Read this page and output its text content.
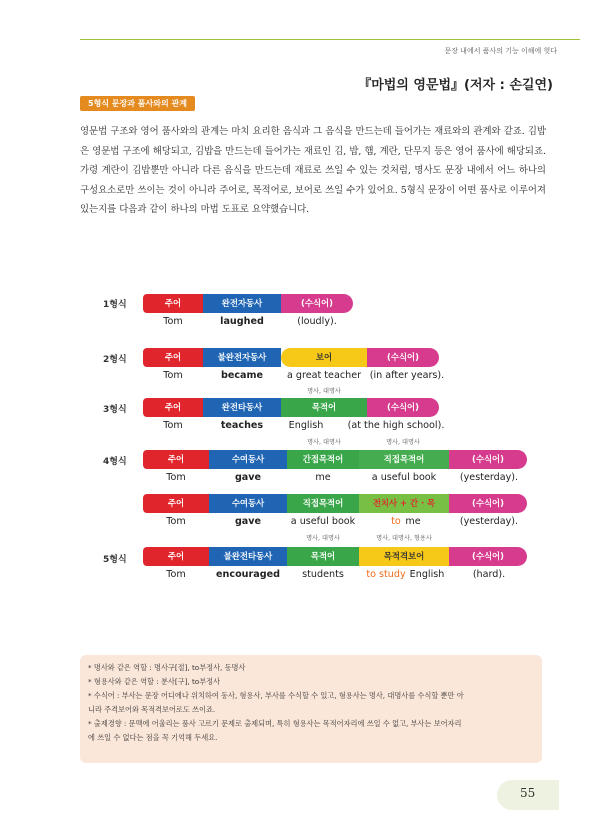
문장 내에서 품사의 기능 이해에 헛다
『마법의 영문법』(저자 : 손길연)
5형식 문장과 품사와의 관계
영문법 구조와 영어 품사와의 관계는 마치 요리한 음식과 그 음식을 만드는데 들어가는 재료와의 관계와 같죠. 김밥은 영문법 구조에 해당되고, 김밥을 만드는데 들어가는 재료인 김, 밥, 햄, 계란, 단무지 등은 영어 품사에 해당되죠. 가령 계란이 김밥뿐만 아니라 다른 음식을 만드는데 재료로 쓰일 수 있는 것처럼, 명사도 문장 내에서 어느 하나의 구성요소로만 쓰이는 것이 아니라 주어로, 목적어로, 보어로 쓰일 수가 있어요. 5형식 문장이 어떤 품사로 이루어져 있는지를 다음과 같이 하나의 마법 도표로 요약했습니다.
1형식	주어	완전자동사	(수식어)
Tom	laughed	(loudly).
2형식	주어	불완전자동사	보어	(수식어)
Tom	became	a great teacher (in after years).
명사, 대명사
3형식	주어	완전타동사	목적어	(수식어)
Tom	teaches	English	(at the high school).
명사, 대명사	명사, 대명사
4형식	주어	수여동사	간접목적어	직접목적어	(수식어)
Tom	gave	me	a useful book	(yesterday).
주어	수여동사	직접목적어	전치사 + 간 · 목	(수식어)
Tom	gave	a useful book	to me	(yesterday).
명사, 대명사	명사, 대명사, 형용사
5형식	주어	불완전타동사	목적어	목적격보어	(수식어)
Tom	encouraged	students	to study English	(hard).
* 명사와 같은 역할 : 명사구[절], to부정사, 동명사
* 형용사와 같은 역할 : 분사[구], to부정사
* 수식어 : 부사는 문장 어디에나 위치하여 동사, 형용사, 부사를 수식할 수 있고, 형용사는 명사, 대명사를 수식할 뿐만 아
니라 주격보어와 목적격보어로도 쓰이죠.
* 출제경향 : 문맥에 어울리는 품사 고르기 문제로 출제되며, 특히 형용사는 목적어자리에 쓰일 수 없고, 부사는 보어자리
에 쓰일 수 없다는 점을 꼭 기억해 두세요.
55
